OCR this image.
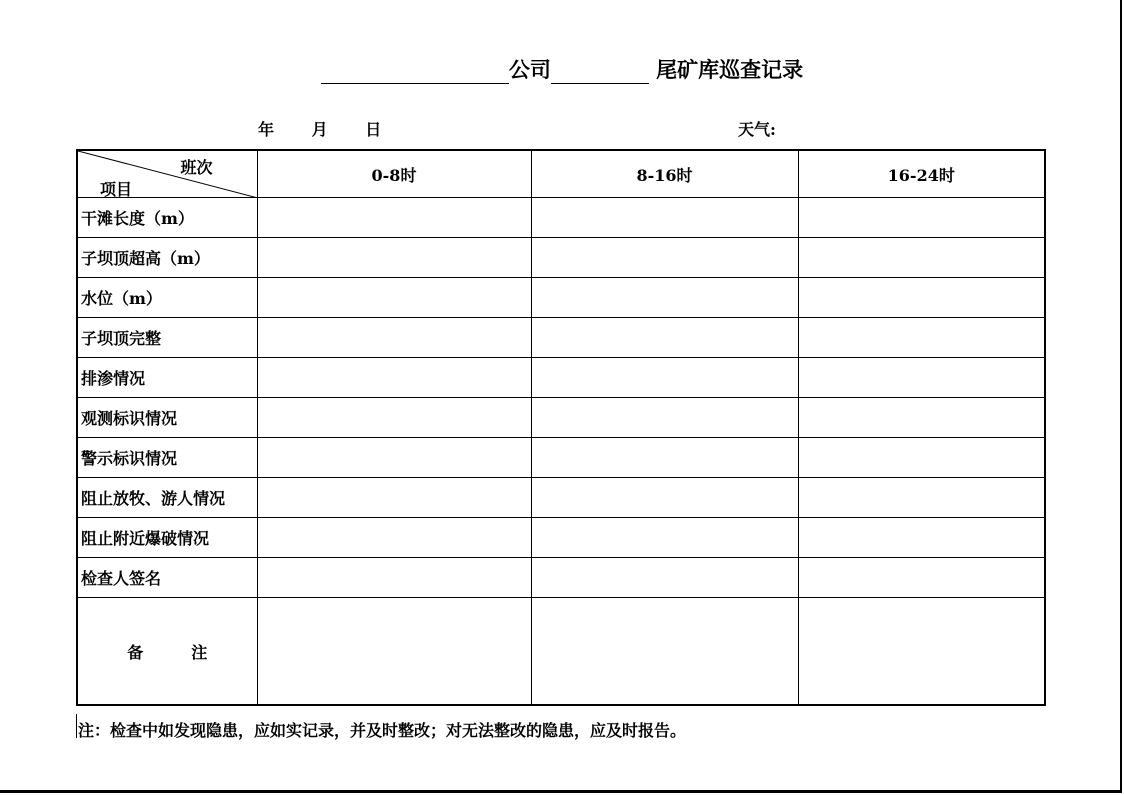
公司	尾矿库巡查记录
年 月 日	天气:
班次
项目	0-8时	8-16时	16-24时
干滩长度（m）			
子坝顶超高（m）			
水位（m）			
子坝顶完整			
排渗情况			
观测标识情况			
警示标识情况			
阻止放牧、游人情况			
阻止附近爆破情况			
检查人签名			
备　　　注			
注：检查中如发现隐患，应如实记录，并及时整改；对无法整改的隐患，应及时报告。
